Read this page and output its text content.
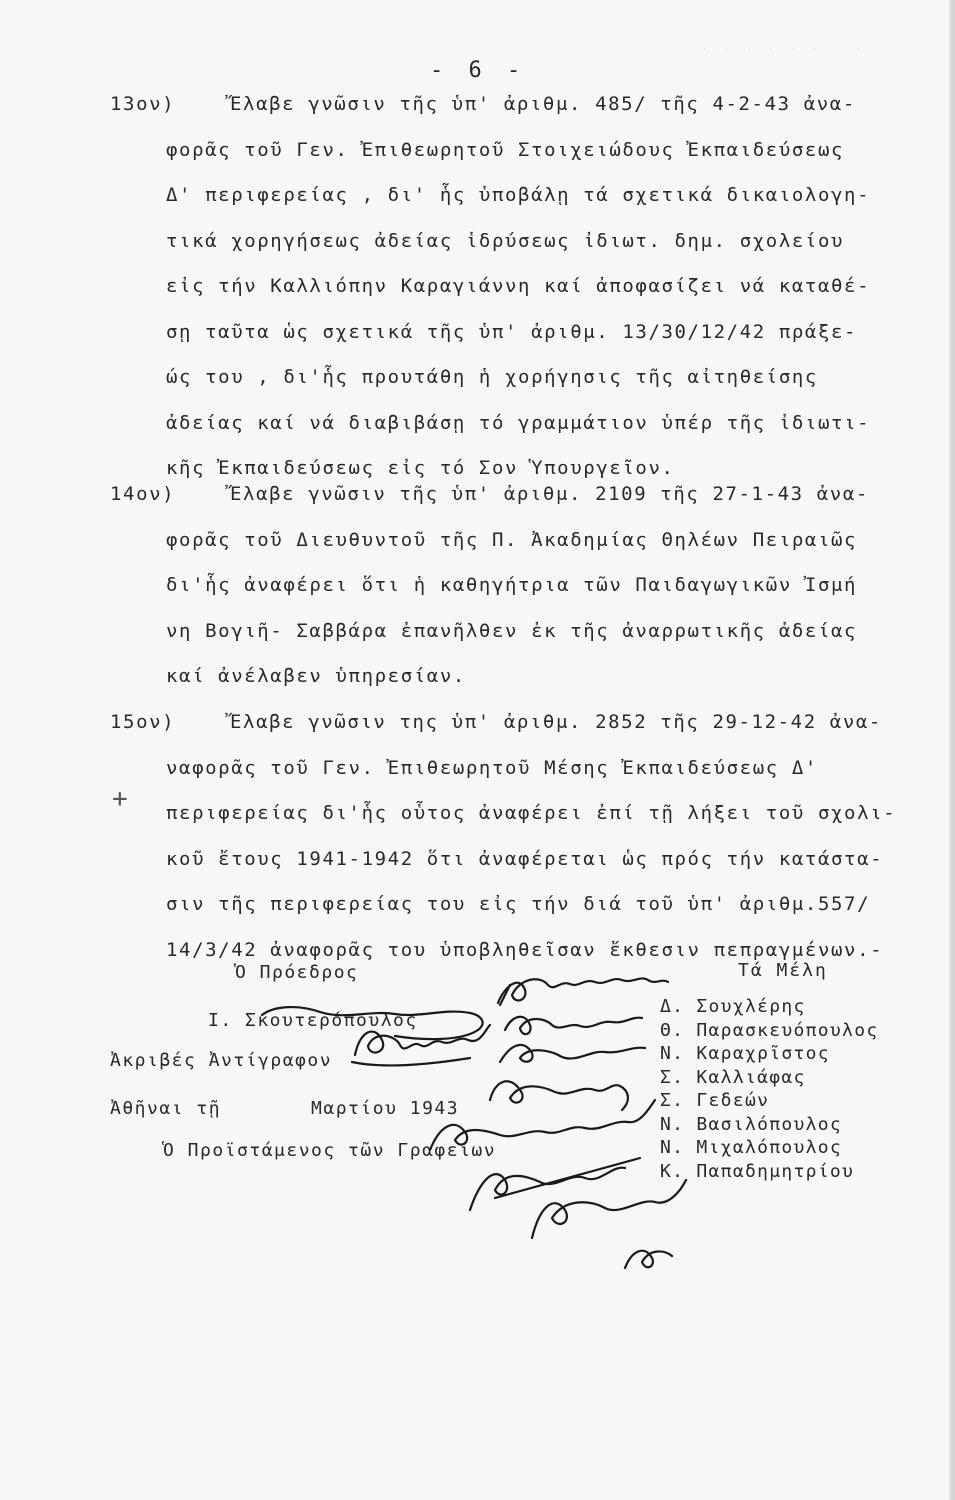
· · · · · · · ·
- 6 -
13ον)	Ἔλαβε γνῶσιν τῆς ὑπ' ἀριθμ. 485/ τῆς 4-2-43 ἀνα-
φορᾶς τοῦ Γεν. Ἐπιθεωρητοῦ Στοιχειώδους Ἐκπαιδεύσεως
Δ' περιφερείας , δι' ἧς ὑποβάλῃ τά σχετικά δικαιολογη-
τικά χορηγήσεως ἀδείας ἱδρύσεως ἰδιωτ. δημ. σχολείου
εἰς τήν Καλλιόπην Καραγιάννη καί ἀποφασίζει νά καταθέ-
σῃ ταῦτα ὡς σχετικά τῆς ὑπ' ἀριθμ. 13/30/12/42 πράξε-
ώς του , δι'ἧς προυτάθη ἡ χορήγησις τῆς αἰτηθείσης
ἀδείας καί νά διαβιβάσῃ τό γραμμάτιον ὑπέρ τῆς ἰδιωτι-
κῆς Ἐκπαιδεύσεως εἰς τό Σον Ὑπουργεῖον.
14ον)	Ἔλαβε γνῶσιν τῆς ὑπ' ἀριθμ. 2109 τῆς 27-1-43 ἀνα-
φορᾶς τοῦ Διευθυντοῦ τῆς Π. Ἀκαδημίας Θηλέων Πειραιῶς
δι'ἧς ἀναφέρει ὅτι ἡ καθηγήτρια τῶν Παιδαγωγικῶν Ἰσμή
νη Βογιῆ- Σαββάρα ἐπανῆλθεν ἐκ τῆς ἀναρρωτικῆς ἀδείας
καί ἀνέλαβεν ὑπηρεσίαν.
15ον)	Ἔλαβε γνῶσιν της ὑπ' ἀριθμ. 2852 τῆς 29-12-42 ἀνα-
ναφορᾶς τοῦ Γεν. Ἐπιθεωρητοῦ Μέσης Ἐκπαιδεύσεως Δ'
περιφερείας δι'ἧς οὗτος ἀναφέρει ἐπί τῇ λήξει τοῦ σχολι-
κοῦ ἔτους 1941-1942 ὅτι ἀναφέρεται ὡς πρός τήν κατάστα-
σιν τῆς περιφερείας του εἰς τήν διά τοῦ ὑπ' ἀριθμ.557/
14/3/42 ἀναφορᾶς του ὑποβληθεῖσαν ἔκθεσιν πεπραγμένων.-
+
Ὁ Πρόεδρος
Ι. Σκουτερόπουλος
Ἀκριβές Ἀντίγραφον
Ἀθῆναι τῇ	Μαρτίου 1943
Ὁ Προϊστάμενος τῶν Γραφείων
Τά Μέλη
Δ. Σουχλέρης
Θ. Παρασκευόπουλος
Ν. Καραχρῖστος
Σ. Καλλιάφας
Σ. Γεδεών
Ν. Βασιλόπουλος
Ν. Μιχαλόπουλος
Κ. Παπαδημητρίου
